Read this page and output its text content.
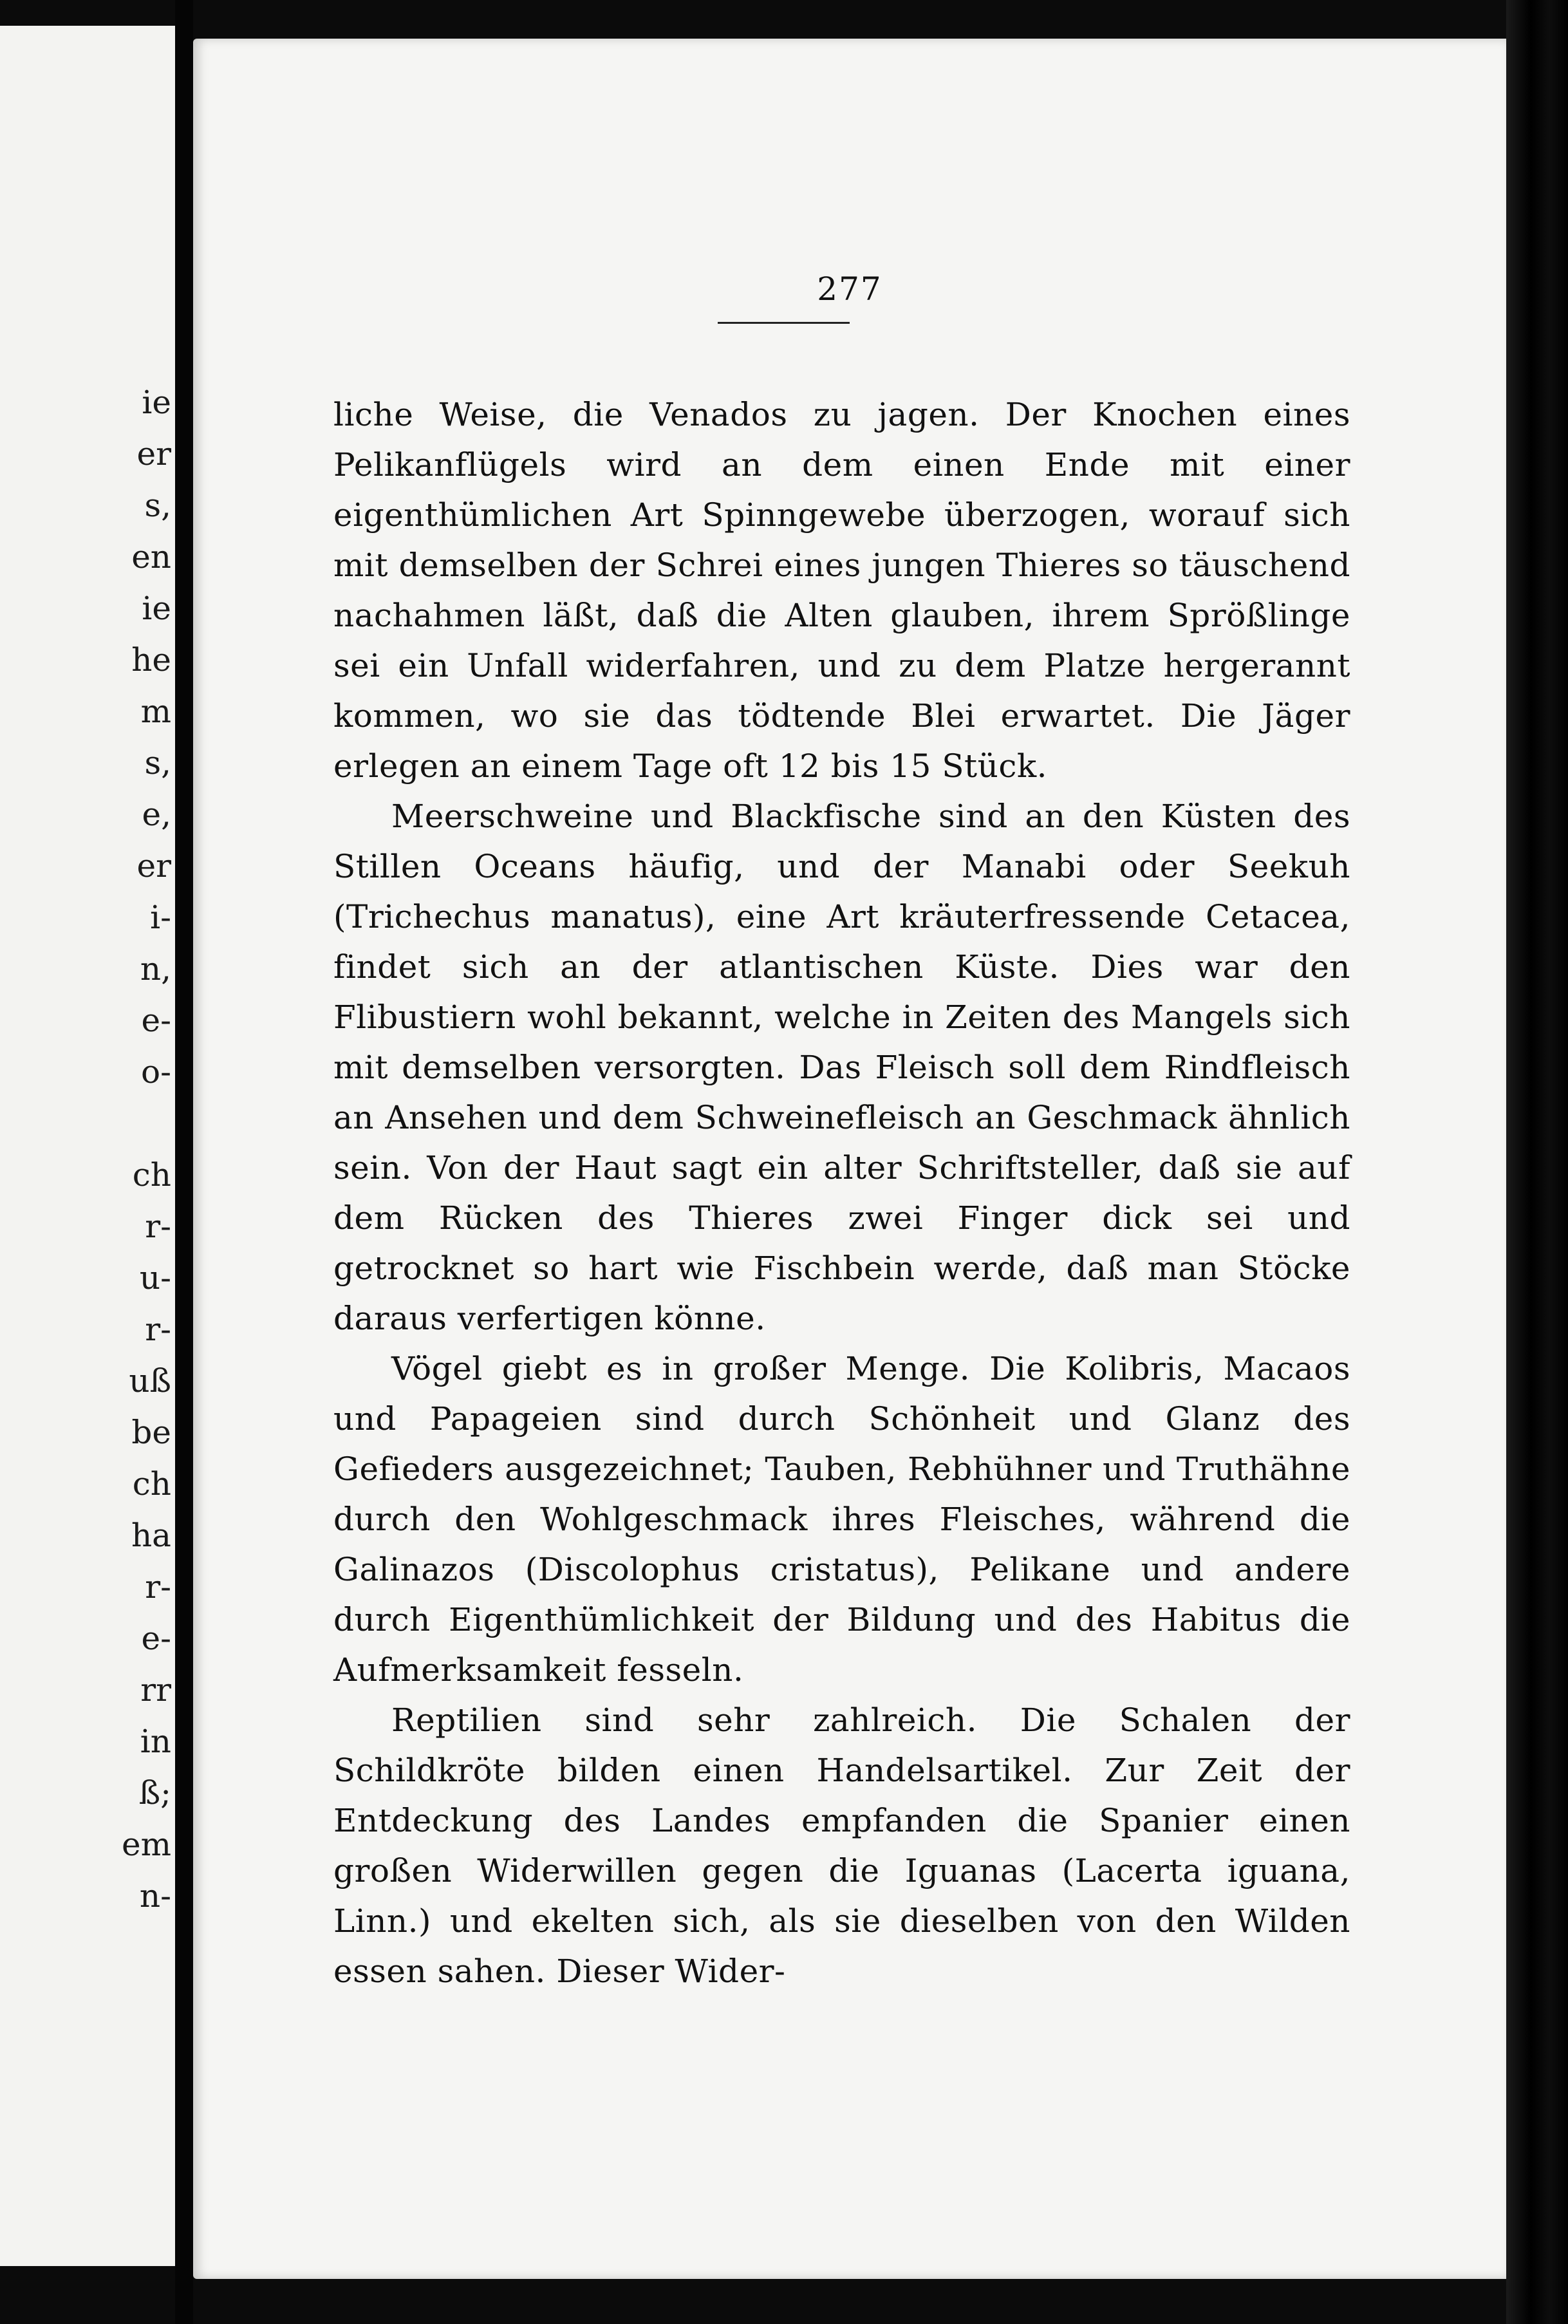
ie
er
s,
en
ie
he
m
s,
e,
er
i-
n,
e-
o-
ch
r-
u-
r-
uß
be
ch
ha
r-
e-
rr
in
ß;
em
n-
277

liche Weise, die Venados zu jagen. Der Knochen eines Pelikanflügels wird an dem einen Ende mit einer eigenthümlichen Art Spinngewebe überzogen, worauf sich mit demselben der Schrei eines jungen Thieres so täuschend nachahmen läßt, daß die Alten glauben, ihrem Sprößlinge sei ein Unfall widerfahren, und zu dem Platze hergerannt kommen, wo sie das tödtende Blei erwartet. Die Jäger erlegen an einem Tage oft 12 bis 15 Stück.

Meerschweine und Blackfische sind an den Küsten des Stillen Oceans häufig, und der Manabi oder Seekuh (Trichechus manatus), eine Art kräuterfressende Cetacea, findet sich an der atlantischen Küste. Dies war den Flibustiern wohl bekannt, welche in Zeiten des Mangels sich mit demselben versorgten. Das Fleisch soll dem Rindfleisch an Ansehen und dem Schweinefleisch an Geschmack ähnlich sein. Von der Haut sagt ein alter Schriftsteller, daß sie auf dem Rücken des Thieres zwei Finger dick sei und getrocknet so hart wie Fischbein werde, daß man Stöcke daraus verfertigen könne.

Vögel giebt es in großer Menge. Die Kolibris, Macaos und Papageien sind durch Schönheit und Glanz des Gefieders ausgezeichnet; Tauben, Rebhühner und Truthähne durch den Wohlgeschmack ihres Fleisches, während die Galinazos (Discolophus cristatus), Pelikane und andere durch Eigenthümlichkeit der Bildung und des Habitus die Aufmerksamkeit fesseln.

Reptilien sind sehr zahlreich. Die Schalen der Schildkröte bilden einen Handelsartikel. Zur Zeit der Entdeckung des Landes empfanden die Spanier einen großen Widerwillen gegen die Iguanas (Lacerta iguana, Linn.) und ekelten sich, als sie dieselben von den Wilden essen sahen. Dieser Wider-
